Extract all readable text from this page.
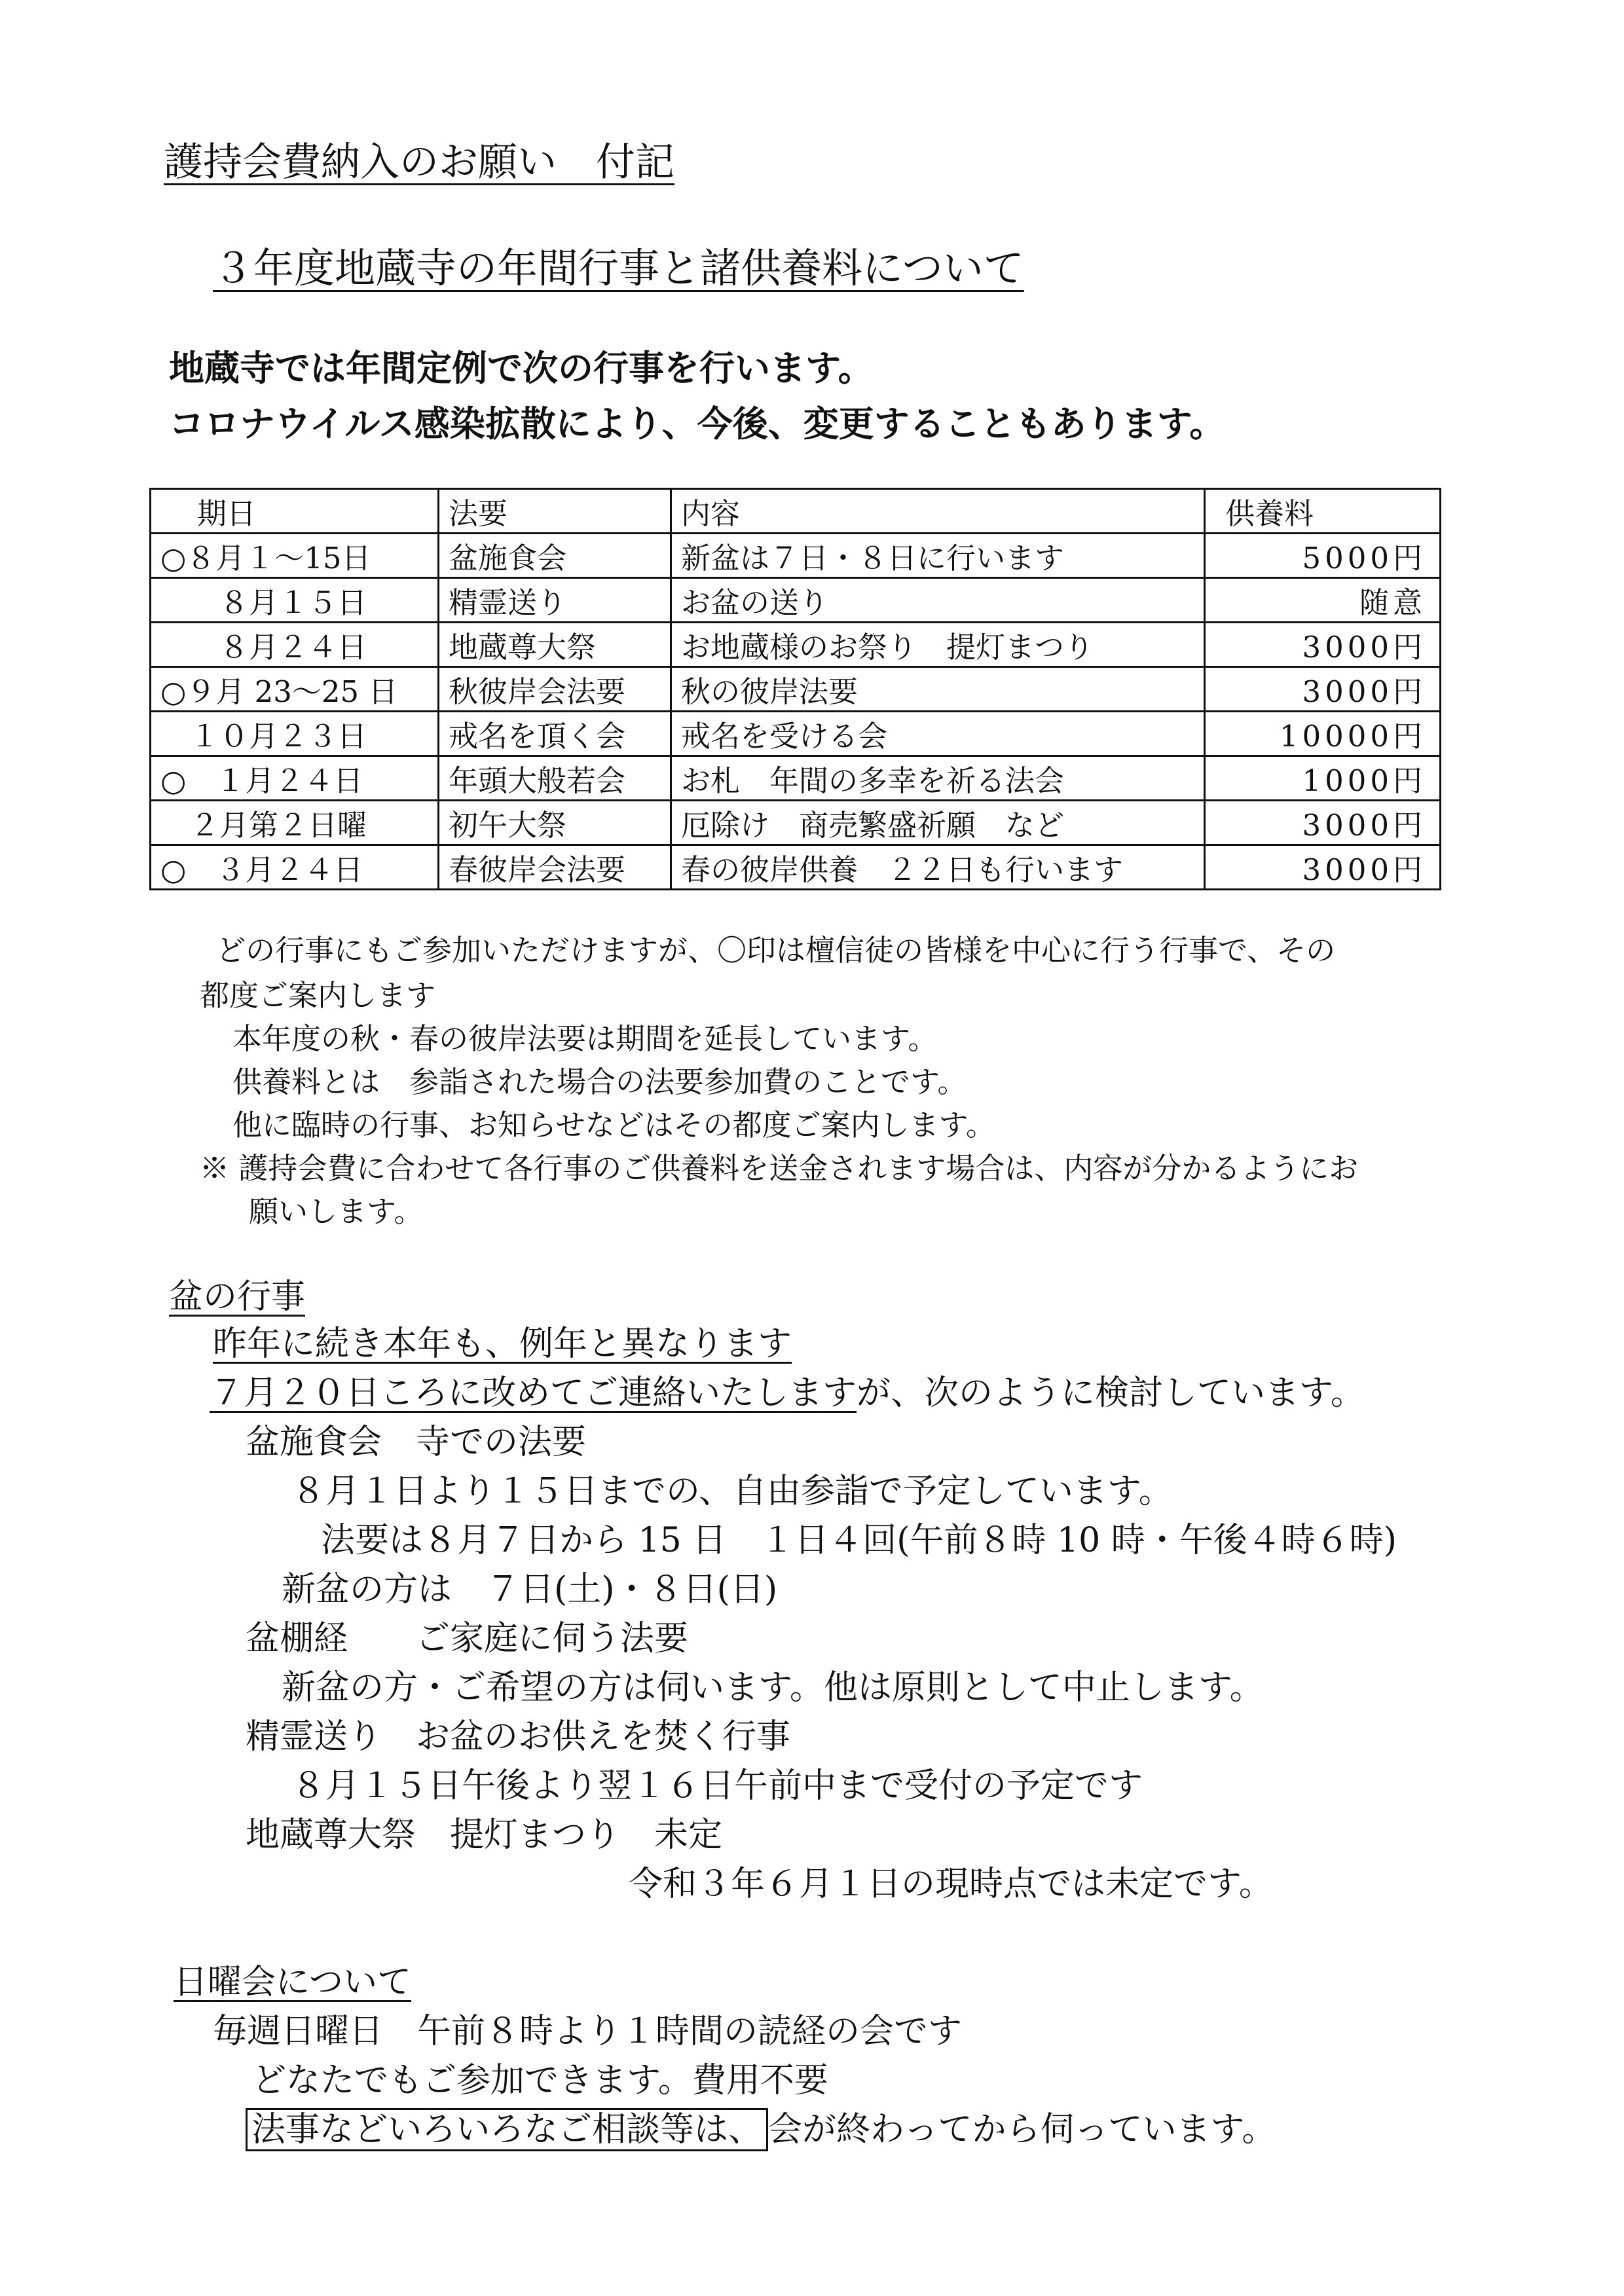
護持会費納入のお願い　付記
３年度地蔵寺の年間行事と諸供養料について
地蔵寺では年間定例で次の行事を行います。
コロナウイルス感染拡散により、今後、変更することもあります。
期日	法要	内容	供養料
○８月１～15日	盆施食会	新盆は７日・８日に行います	5000円
　　８月１５日	精霊送り	お盆の送り	随意
　　８月２４日	地蔵尊大祭	お地蔵様のお祭り　提灯まつり	3000円
○９月 23～25 日	秋彼岸会法要	秋の彼岸法要	3000円
　１０月２３日	戒名を頂く会	戒名を受ける会	10000円
○　１月２４日	年頭大般若会	お札　年間の多幸を祈る法会	1000円
　２月第２日曜	初午大祭	厄除け　商売繁盛祈願　など	3000円
○　３月２４日	春彼岸会法要	春の彼岸供養　２２日も行います	3000円
どの行事にもご参加いただけますが、〇印は檀信徒の皆様を中心に行う行事で、その
都度ご案内します
本年度の秋・春の彼岸法要は期間を延長しています。
供養料とは　参詣された場合の法要参加費のことです。
他に臨時の行事、お知らせなどはその都度ご案内します。
※ 護持会費に合わせて各行事のご供養料を送金されます場合は、内容が分かるようにお
願いします。
盆の行事
昨年に続き本年も、例年と異なります
７月２０日ころに改めてご連絡いたしますが、次のように検討しています。
盆施食会　寺での法要
８月１日より１５日までの、自由参詣で予定しています。
法要は８月７日から 15 日　１日４回(午前８時 10 時・午後４時６時)
新盆の方は　７日(土)・８日(日)
盆棚経　　ご家庭に伺う法要
新盆の方・ご希望の方は伺います。他は原則として中止します。
精霊送り　お盆のお供えを焚く行事
８月１５日午後より翌１６日午前中まで受付の予定です
地蔵尊大祭　提灯まつり　未定
令和３年６月１日の現時点では未定です。
日曜会について
毎週日曜日　午前８時より１時間の読経の会です
どなたでもご参加できます。費用不要
法事などいろいろなご相談等は、 会が終わってから伺っています。
